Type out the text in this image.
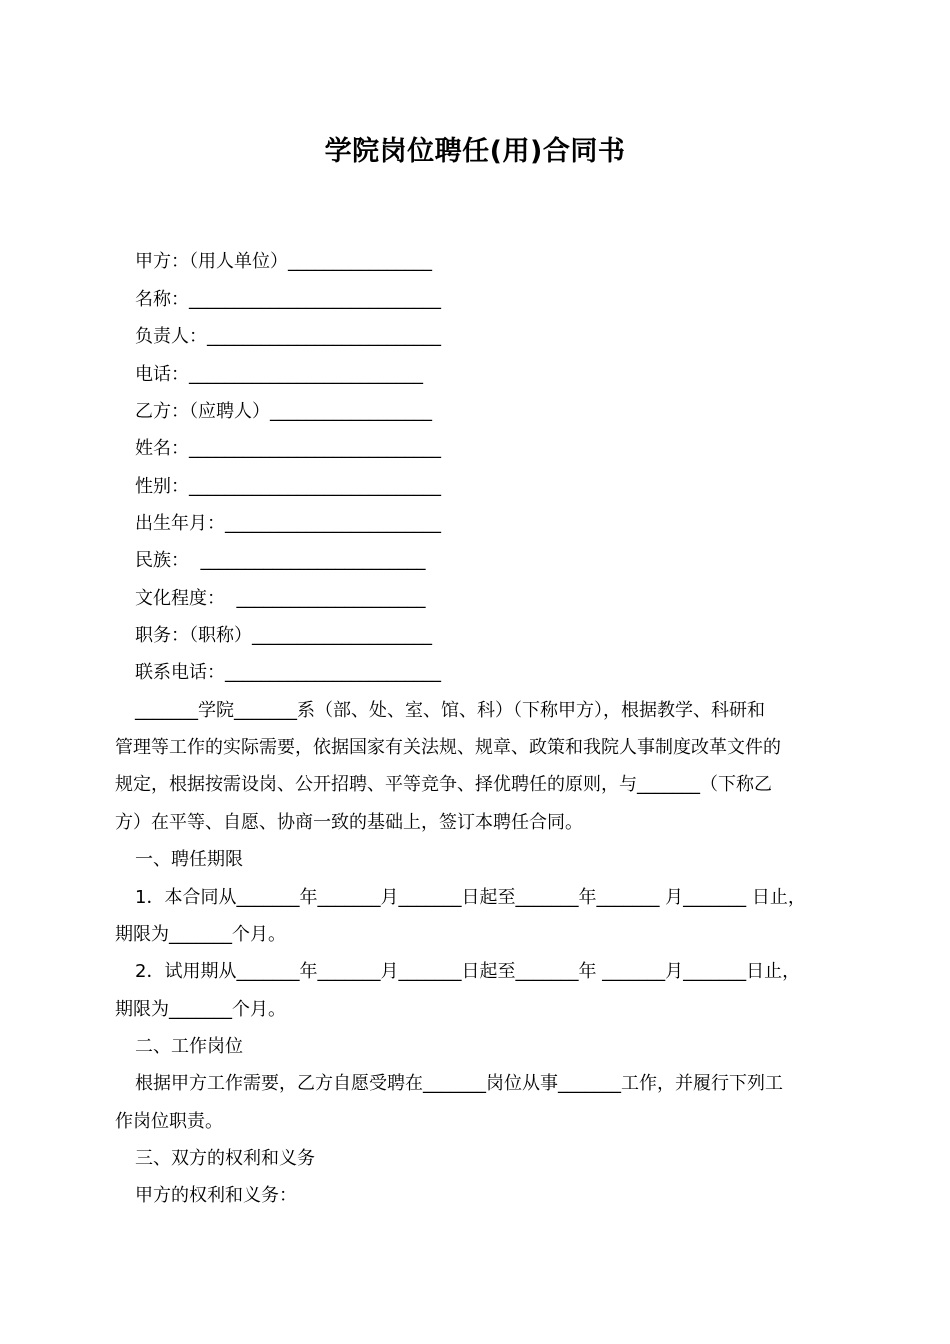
学院岗位聘任(用)合同书
甲方：（用人单位）________________
名称：____________________________
负责人：__________________________
电话：__________________________
乙方：（应聘人）__________________
姓名：____________________________
性别：____________________________
出生年月：________________________
民族：  _________________________
文化程度：  _____________________
职务：（职称）____________________
联系电话：________________________
_______学院_______系（部、处、室、馆、科）（下称甲方），根据教学、科研和
管理等工作的实际需要，依据国家有关法规、规章、政策和我院人事制度改革文件的
规定，根据按需设岗、公开招聘、平等竞争、择优聘任的原则，与_______（下称乙
方）在平等、自愿、协商一致的基础上，签订本聘任合同。
一、聘任期限
1．本合同从_______年_______月_______日起至_______年_______ 月_______ 日止，
期限为_______个月。
2．试用期从_______年_______月_______日起至_______年 _______月_______日止，
期限为_______个月。
二、工作岗位
根据甲方工作需要，乙方自愿受聘在_______岗位从事_______工作，并履行下列工
作岗位职责。
三、双方的权利和义务
甲方的权利和义务：
